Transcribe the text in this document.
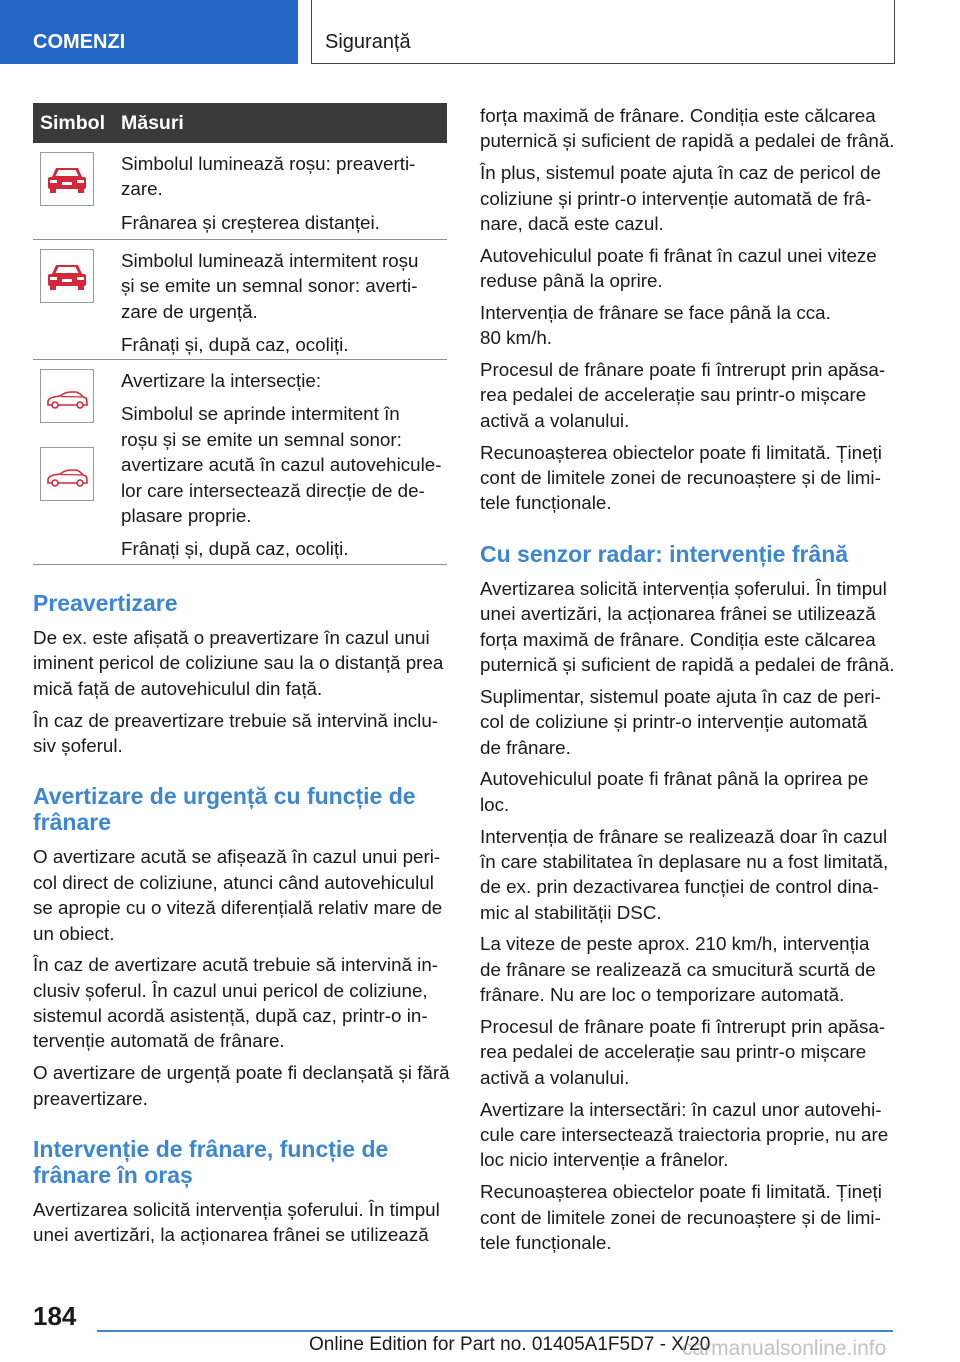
COMENZI	Siguranță
Simbol Măsuri
Simbolul luminează roșu: preaverti-
zare.
Frânarea și creșterea distanței.
Simbolul luminează intermitent roșu
și se emite un semnal sonor: averti-
zare de urgență.
Frânați și, după caz, ocoliți.
Avertizare la intersecție:
Simbolul se aprinde intermitent în
roșu și se emite un semnal sonor:
avertizare acută în cazul autovehicule-
lor care intersectează direcție de de-
plasare proprie.
Frânați și, după caz, ocoliți.
Preavertizare
De ex. este afișată o preavertizare în cazul unui
iminent pericol de coliziune sau la o distanță prea
mică față de autovehiculul din față.
În caz de preavertizare trebuie să intervină inclu-
siv șoferul.
Avertizare de urgență cu funcție de
frânare
O avertizare acută se afișează în cazul unui peri-
col direct de coliziune, atunci când autovehiculul
se apropie cu o viteză diferențială relativ mare de
un obiect.
În caz de avertizare acută trebuie să intervină in-
clusiv șoferul. În cazul unui pericol de coliziune,
sistemul acordă asistență, după caz, printr-o in-
tervenție automată de frânare.
O avertizare de urgență poate fi declanșată și fără
preavertizare.
Intervenție de frânare, funcție de
frânare în oraș
Avertizarea solicită intervenția șoferului. În timpul
unei avertizări, la acționarea frânei se utilizează
forța maximă de frânare. Condiția este călcarea
puternică și suficient de rapidă a pedalei de frână.
În plus, sistemul poate ajuta în caz de pericol de
coliziune și printr-o intervenție automată de frâ-
nare, dacă este cazul.
Autovehiculul poate fi frânat în cazul unei viteze
reduse până la oprire.
Intervenția de frânare se face până la cca.
80 km/h.
Procesul de frânare poate fi întrerupt prin apăsa-
rea pedalei de accelerație sau printr-o mișcare
activă a volanului.
Recunoașterea obiectelor poate fi limitată. Țineți
cont de limitele zonei de recunoaștere și de limi-
tele funcționale.
Cu senzor radar: intervenție frână
Avertizarea solicită intervenția șoferului. În timpul
unei avertizări, la acționarea frânei se utilizează
forța maximă de frânare. Condiția este călcarea
puternică și suficient de rapidă a pedalei de frână.
Suplimentar, sistemul poate ajuta în caz de peri-
col de coliziune și printr-o intervenție automată
de frânare.
Autovehiculul poate fi frânat până la oprirea pe
loc.
Intervenția de frânare se realizează doar în cazul
în care stabilitatea în deplasare nu a fost limitată,
de ex. prin dezactivarea funcției de control dina-
mic al stabilității DSC.
La viteze de peste aprox. 210 km/h, intervenția
de frânare se realizează ca smucitură scurtă de
frânare. Nu are loc o temporizare automată.
Procesul de frânare poate fi întrerupt prin apăsa-
rea pedalei de accelerație sau printr-o mișcare
activă a volanului.
Avertizare la intersectări: în cazul unor autovehi-
cule care intersectează traiectoria proprie, nu are
loc nicio intervenție a frânelor.
Recunoașterea obiectelor poate fi limitată. Țineți
cont de limitele zonei de recunoaștere și de limi-
tele funcționale.
184
Online Edition for Part no. 01405A1F5D7 - X/20
carmanualsonline.info
